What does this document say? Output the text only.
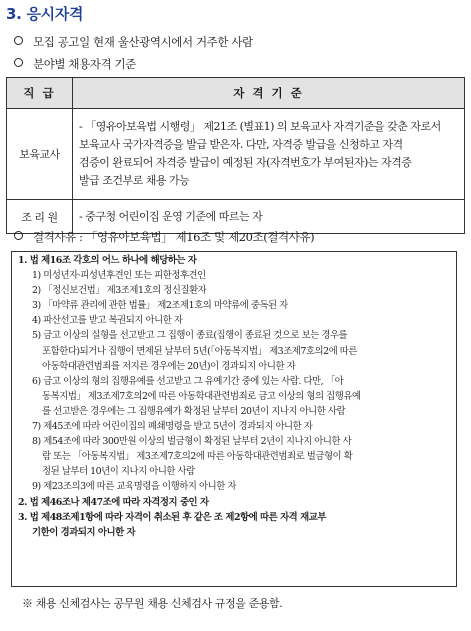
3. 응시자격
모집 공고일 현재 울산광역시에서 거주한 사람
분야별 채용자격 기준
직 급	자 격 기 준
보육교사	- 「영유아보육법 시행령」 제21조 (별표1) 의 보육교사 자격기준을 갖춘 자로서
보육교사 국가자격증을 발급 받은자. 다만, 자격증 발급을 신청하고 자격
검증이 완료되어 자격증 발급이 예정된 자(자격번호가 부여된자)는 자격증
발급 조건부로 채용 가능

조 리 원	- 중구청 어린이집 운영 기준에 따르는 자
결격사유 : 「영유아보육법」 제16조 및 제20조(결격사유)

1. 법 제16조 각호의 어느 하나에 해당하는 자

1) 미성년자·피성년후견인 또는 피한정후견인

2) 「정신보건법」 제3조제1호의 정신질환자

3) 「마약류 관리에 관한 법률」 제2조제1호의 마약류에 중독된 자

4) 파산선고를 받고 복권되지 아니한 자

5) 금고 이상의 실형을 선고받고 그 집행이 종료(집행이 종료된 것으로 보는 경우를

포함한다)되거나 집행이 면제된 날부터 5년(「아동복지법」 제3조제7호의2에 따른

아동학대관련범죄를 저지른 경우에는 20년)이 경과되지 아니한 자

6) 금고 이상의 형의 집행유예를 선고받고 그 유예기간 중에 있는 사람. 다만, 「아

동복지법」 제3조제7호의2에 따른 아동학대관련범죄로 금고 이상의 형의 집행유예

를 선고받은 경우에는 그 집행유예가 확정된 날부터 20년이 지나지 아니한 사람

7) 제45조에 따라 어린이집의 폐쇄명령을 받고 5년이 경과되지 아니한 자

8) 제54조에 따라 300만원 이상의 벌금형이 확정된 날부터 2년이 지나지 아니한 사

람 또는 「아동복지법」 제3조제7호의2에 따른 아동학대관련범죄로 벌금형이 확

정된 날부터 10년이 지나지 아니한 사람

9) 제23조의3에 따른 교육명령을 이행하지 아니한 자

2. 법 제46조나 제47조에 따라 자격정지 중인 자

3. 법 제48조제1항에 따라 자격이 취소된 후 같은 조 제2항에 따른 자격 재교부

기한이 경과되지 아니한 자

※ 채용 신체검사는 공무원 채용 신체검사 규정을 준용함.
